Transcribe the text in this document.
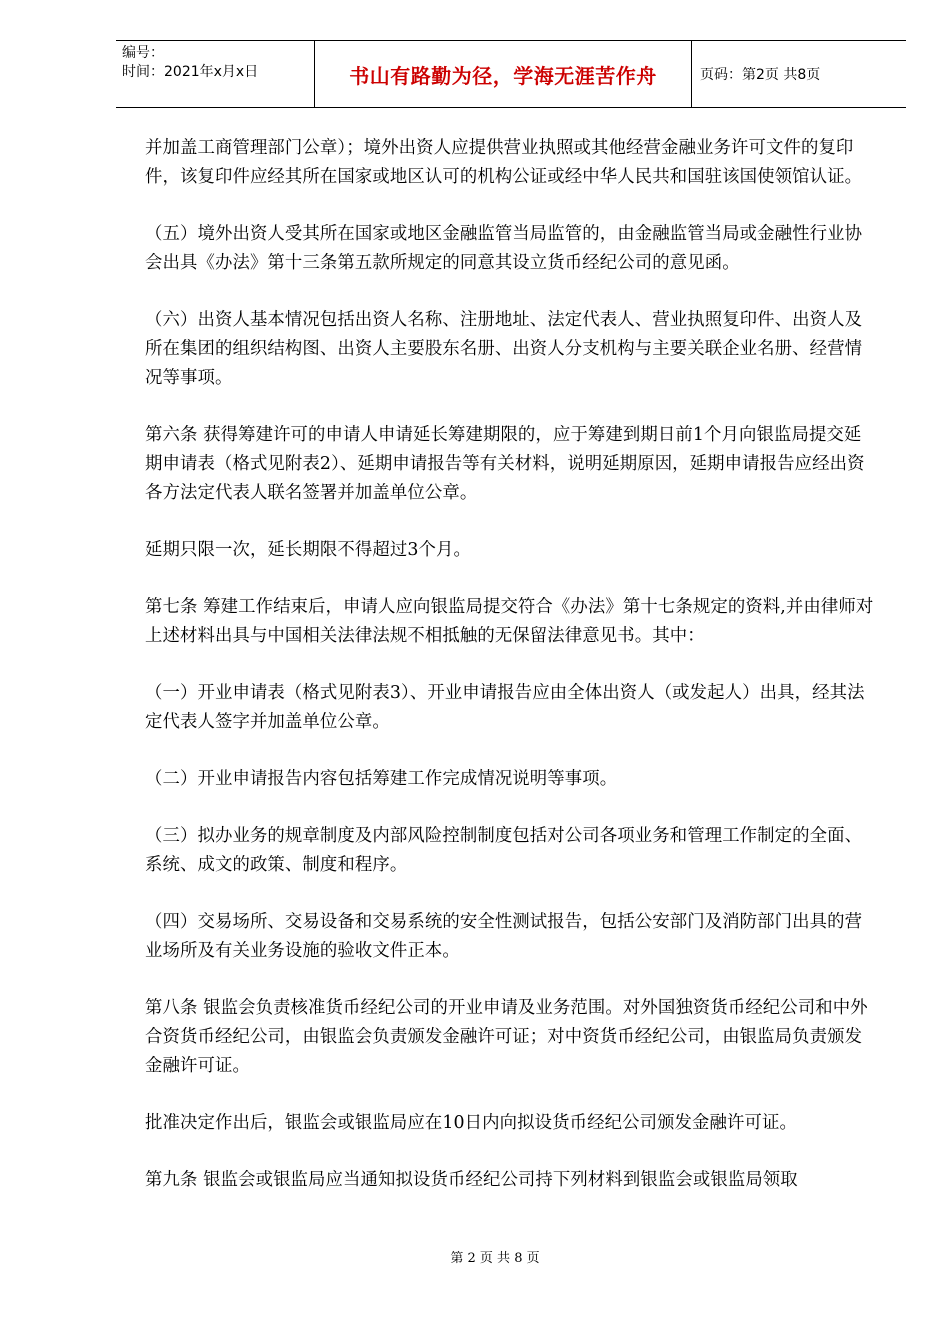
编号：
时间：2021年x月x日	书山有路勤为径，学海无涯苦作舟	页码：第2页 共8页

并加盖工商管理部门公章）；境外出资人应提供营业执照或其他经营金融业务许可文件的复印件，该复印件应经其所在国家或地区认可的机构公证或经中华人民共和国驻该国使领馆认证。

（五）境外出资人受其所在国家或地区金融监管当局监管的，由金融监管当局或金融性行业协会出具《办法》第十三条第五款所规定的同意其设立货币经纪公司的意见函。

（六）出资人基本情况包括出资人名称、注册地址、法定代表人、营业执照复印件、出资人及所在集团的组织结构图、出资人主要股东名册、出资人分支机构与主要关联企业名册、经营情况等事项。

第六条 获得筹建许可的申请人申请延长筹建期限的，应于筹建到期日前1个月向银监局提交延期申请表（格式见附表2）、延期申请报告等有关材料，说明延期原因，延期申请报告应经出资各方法定代表人联名签署并加盖单位公章。

延期只限一次，延长期限不得超过3个月。

第七条 筹建工作结束后，申请人应向银监局提交符合《办法》第十七条规定的资料,并由律师对上述材料出具与中国相关法律法规不相抵触的无保留法律意见书。其中：

（一）开业申请表（格式见附表3）、开业申请报告应由全体出资人（或发起人）出具，经其法定代表人签字并加盖单位公章。

（二）开业申请报告内容包括筹建工作完成情况说明等事项。

（三）拟办业务的规章制度及内部风险控制制度包括对公司各项业务和管理工作制定的全面、系统、成文的政策、制度和程序。

（四）交易场所、交易设备和交易系统的安全性测试报告，包括公安部门及消防部门出具的营业场所及有关业务设施的验收文件正本。

第八条 银监会负责核准货币经纪公司的开业申请及业务范围。对外国独资货币经纪公司和中外合资货币经纪公司，由银监会负责颁发金融许可证；对中资货币经纪公司，由银监局负责颁发金融许可证。

批准决定作出后，银监会或银监局应在10日内向拟设货币经纪公司颁发金融许可证。

第九条 银监会或银监局应当通知拟设货币经纪公司持下列材料到银监会或银监局领取

第 2 页 共 8 页
